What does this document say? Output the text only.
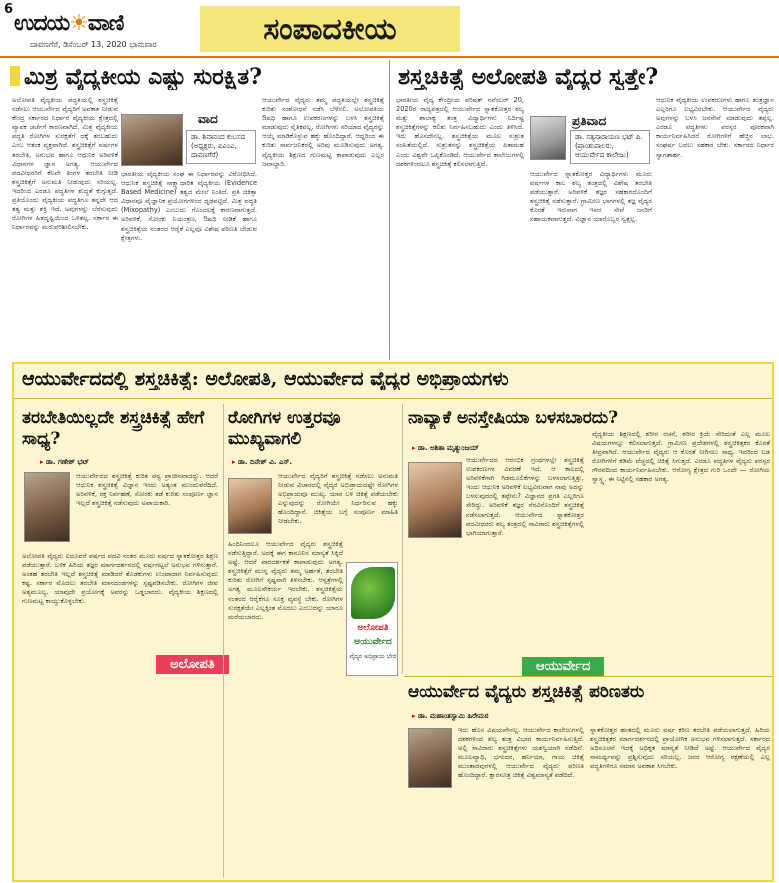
6
ಉದಯ☀ವಾಣಿ
ದಾವಣಗೆರೆ, ಡಿಸೆಂಬರ್ 13, 2020 ಭಾನುವಾರ	ಸಂಪಾದಕೀಯ
ಮಿಶ್ರ ವೈದ್ಯಕೀಯ ಎಷ್ಟು ಸುರಕ್ಷಿತ?
ಅಲೋಪತಿ ವೈದ್ಯಕೀಯ ಪದ್ಧತಿಯಲ್ಲಿ ಶಸ್ತ್ರಚಿಕಿತ್ಸೆ ನಡೆಸಲು ಆಯುರ್ವೇದ ವೈದ್ಯರಿಗೆ ಅವಕಾಶ ನೀಡುವ ಕೇಂದ್ರ ಸರ್ಕಾರದ ನಿರ್ಧಾರ ವೈದ್ಯಕೀಯ ಕ್ಷೇತ್ರದಲ್ಲಿ ವ್ಯಾಪಕ ಚರ್ಚೆಗೆ ಕಾರಣವಾಗಿದೆ. ಮಿಶ್ರ ವೈದ್ಯಕೀಯ ಪದ್ಧತಿ ರೋಗಿಗಳ ಸುರಕ್ಷತೆಗೆ ಧಕ್ಕೆ ತರಬಹುದು ಎಂಬ ಆತಂಕ ವ್ಯಕ್ತವಾಗಿದೆ. ಶಸ್ತ್ರಚಿಕಿತ್ಸೆಗೆ ವರ್ಷಗಳ ತರಬೇತಿ, ಅನುಭವ ಹಾಗೂ ಆಧುನಿಕ ಅರಿವಳಿಕೆ ವಿಧಾನಗಳ ಜ್ಞಾನ ಅಗತ್ಯ. ಆಯುರ್ವೇದ ಪದವೀಧರರಿಗೆ ಕೆಲವೇ ತಿಂಗಳ ತರಬೇತಿ ನೀಡಿ ಶಸ್ತ್ರಚಿಕಿತ್ಸೆಗೆ ಅನುಮತಿ ನೀಡುವುದು ಸರಿಯಲ್ಲ. ಇದರಿಂದ ಎರಡೂ ಪದ್ಧತಿಗಳ ಶುದ್ಧತೆ ಕುಗ್ಗುತ್ತದೆ. ಪ್ರತಿಯೊಂದು ವೈದ್ಯಕೀಯ ಪದ್ಧತಿಗೂ ತನ್ನದೇ ಆದ ತತ್ವ ಮತ್ತು ಶಕ್ತಿ ಇದೆ. ಅವುಗಳನ್ನು ಬೆರೆಸುವುದು ರೋಗಿಗಳ ಹಿತದೃಷ್ಟಿಯಿಂದ ಒಳಿತಲ್ಲ. ಸರ್ಕಾರ ಈ ನಿರ್ಧಾರವನ್ನು ಮರುಪರಿಶೀಲಿಸಬೇಕು.
ವಾದ
ಡಾ. ಶಿವಾನಂದ ಕುಬಸದ (ಅಧ್ಯಕ್ಷರು, ಐಎಂಎ, ದಾವಣಗೆರೆ)
ಭಾರತೀಯ ವೈದ್ಯಕೀಯ ಸಂಘ ಈ ನಿರ್ಧಾರವನ್ನು ವಿರೋಧಿಸಿದೆ. ಆಧುನಿಕ ಶಸ್ತ್ರಚಿಕಿತ್ಸೆ ಸಾಕ್ಷ್ಯಾಧಾರಿತ ವೈದ್ಯಕೀಯ (Evidence Based Medicine) ತತ್ವದ ಮೇಲೆ ನಿಂತಿದೆ. ಪ್ರತಿ ಚಿಕಿತ್ಸಾ ವಿಧಾನವೂ ವೈಜ್ಞಾನಿಕ ಪ್ರಯೋಗಗಳಿಂದ ದೃಢಪಟ್ಟಿದೆ. ಮಿಶ್ರ ಪದ್ಧತಿ (Mixopathy) ಎಂಬುದು ಗೊಂದಲಕ್ಕೆ ಕಾರಣವಾಗುತ್ತದೆ. ಅರಿವಳಿಕೆ, ಸೋಂಕು ನಿಯಂತ್ರಣ, ಔಷಧಿ ನೀಡಿಕೆ ಹಾಗೂ ಶಸ್ತ್ರಚಿಕಿತ್ಸೆಯ ನಂತರದ ಆರೈಕೆ ಎಲ್ಲವೂ ವಿಶೇಷ ಪರಿಣತಿ ಬೇಡುವ ಕ್ಷೇತ್ರಗಳು.
ಆಯುರ್ವೇದ ವೈದ್ಯರು ತಮ್ಮ ಪದ್ಧತಿಯಲ್ಲೇ ಶಸ್ತ್ರಚಿಕಿತ್ಸೆ ಕುರಿತು ಸಂಶೋಧನೆ ನಡೆಸಿ ಬೆಳೆಸಲಿ. ಅಲೋಪತಿಯ ಔಷಧಿ ಹಾಗೂ ಉಪಕರಣಗಳನ್ನು ಬಳಸಿ ಶಸ್ತ್ರಚಿಕಿತ್ಸೆ ಮಾಡುವುದು ನೈತಿಕವಲ್ಲ. ರೋಗಿಗಳು ಸರಿಯಾದ ವೈದ್ಯರನ್ನು ಆಯ್ಕೆ ಮಾಡಿಕೊಳ್ಳುವ ಹಕ್ಕು ಹೊಂದಿದ್ದಾರೆ. ಆದ್ದರಿಂದ ಈ ಕುರಿತು ಸಾರ್ವಜನಿಕರಲ್ಲಿ ಅರಿವು ಮೂಡಿಸುವುದು ಅಗತ್ಯ. ವೈದ್ಯಕೀಯ ಶಿಕ್ಷಣದ ಗುಣಮಟ್ಟ ಕಾಪಾಡುವುದು ಎಲ್ಲರ ಜವಾಬ್ದಾರಿ.
ಶಸ್ತ್ರಚಿಕಿತ್ಸೆ ಅಲೋಪತಿ ವೈದ್ಯರ ಸ್ವತ್ತೇ?
ಭಾರತೀಯ ವೈದ್ಯ ಕೇಂದ್ರೀಯ ಪರಿಷತ್ ನವೆಂಬರ್ 20, 2020ರ ರಾಜ್ಯಪತ್ರದಲ್ಲಿ ಆಯುರ್ವೇದ ಸ್ನಾತಕೋತ್ತರ ಶಲ್ಯ ಮತ್ತು ಶಾಲಾಕ್ಯ ತಂತ್ರ ವಿದ್ಯಾರ್ಥಿಗಳು ನಿರ್ದಿಷ್ಟ ಶಸ್ತ್ರಚಿಕಿತ್ಸೆಗಳನ್ನು ಕಲಿತು ನಿರ್ವಹಿಸಬಹುದು ಎಂದು ತಿಳಿಸಿದೆ. ಇದು ಹೊಸದೇನಲ್ಲ. ಶಸ್ತ್ರಚಿಕಿತ್ಸೆಯ ಮೂಲ ಸುಶ್ರುತ ಸಂಹಿತೆಯಲ್ಲಿದೆ. ಸುಶ್ರುತನನ್ನು ಶಸ್ತ್ರಚಿಕಿತ್ಸೆಯ ಪಿತಾಮಹ ಎಂದು ವಿಶ್ವವೇ ಒಪ್ಪಿಕೊಂಡಿದೆ. ಆಯುರ್ವೇದ ಕಾಲೇಜುಗಳಲ್ಲಿ ದಶಕಗಳಿಂದಲೂ ಶಸ್ತ್ರಚಿಕಿತ್ಸೆ ಕಲಿಸಲಾಗುತ್ತಿದೆ.
ಪ್ರತಿವಾದ
ಡಾ. ಸತ್ಯನಾರಾಯಣ ಭಟ್ ಪಿ. (ಪ್ರಾಂಶುಪಾಲರು, ಆಯುರ್ವೇದ ಕಾಲೇಜು)
ಆಯುರ್ವೇದ ಸ್ನಾತಕೋತ್ತರ ವಿದ್ಯಾರ್ಥಿಗಳು ಮೂರು ವರ್ಷಗಳ ಕಾಲ ಶಲ್ಯ ತಂತ್ರದಲ್ಲಿ ವಿಶೇಷ ತರಬೇತಿ ಪಡೆಯುತ್ತಾರೆ. ಅರಿವಳಿಕೆ ತಜ್ಞರ ಸಹಕಾರದೊಂದಿಗೆ ಶಸ್ತ್ರಚಿಕಿತ್ಸೆ ನಡೆಸುತ್ತಾರೆ. ಗ್ರಾಮೀಣ ಭಾಗಗಳಲ್ಲಿ ತಜ್ಞ ವೈದ್ಯರ ಕೊರತೆ ಇರುವಾಗ ಇವರ ಸೇವೆ ಜನರಿಗೆ ಸಹಾಯಕವಾಗುತ್ತದೆ. ವಿಜ್ಞಾನ ಯಾರೊಬ್ಬರ ಸ್ವತ್ತಲ್ಲ.
ಆಧುನಿಕ ವೈದ್ಯಕೀಯ ಉಪಕರಣಗಳು ಹಾಗೂ ತಂತ್ರಜ್ಞಾನ ಎಲ್ಲರಿಗೂ ಲಭ್ಯವಿರಬೇಕು. ಆಯುರ್ವೇದ ವೈದ್ಯರು ಅವುಗಳನ್ನು ಬಳಸಿ ಜನಸೇವೆ ಮಾಡುವುದು ತಪ್ಪಲ್ಲ. ಎರಡೂ ಪದ್ಧತಿಗಳು ಪರಸ್ಪರ ಪೂರಕವಾಗಿ ಕಾರ್ಯನಿರ್ವಹಿಸಿದರೆ ರೋಗಿಗಳಿಗೆ ಹೆಚ್ಚಿನ ಲಾಭ. ಸಂಘರ್ಷ ಬದಲು ಸಹಕಾರ ಬೇಕು. ಸರ್ಕಾರದ ನಿರ್ಧಾರ ಸ್ವಾಗತಾರ್ಹ.
ಆಯುರ್ವೇದದಲ್ಲಿ ಶಸ್ತ್ರಚಿಕಿತ್ಸೆ: ಅಲೋಪತಿ, ಆಯುರ್ವೇದ ವೈದ್ಯರ ಅಭಿಪ್ರಾಯಗಳು
ತರಬೇತಿಯಿಲ್ಲದೇ ಶಸ್ತ್ರಚಿಕಿತ್ಸೆ ಹೇಗೆ ಸಾಧ್ಯ?
▸ ಡಾ. ಗಣೇಶ್ ಭಟ್
ಆಯುರ್ವೇದದ ಶಸ್ತ್ರಚಿಕಿತ್ಸೆ ಕುರಿತ ಪಠ್ಯ ಪ್ರಾಚೀನವಾದದ್ದು. ಆದರೆ ಆಧುನಿಕ ಶಸ್ತ್ರಚಿಕಿತ್ಸೆ ವಿಜ್ಞಾನ ಇಂದು ಅತ್ಯಂತ ಮುಂದುವರೆದಿದೆ. ಅರಿವಳಿಕೆ, ರಕ್ತ ನಿರ್ವಹಣೆ, ಸೋಂಕು ತಡೆ ಕುರಿತು ಸಂಪೂರ್ಣ ಜ್ಞಾನ ಇಲ್ಲದೆ ಶಸ್ತ್ರಚಿಕಿತ್ಸೆ ನಡೆಸುವುದು ಅಪಾಯಕಾರಿ.
ಅಲೋಪತಿ ವೈದ್ಯರು ಐದೂವರೆ ವರ್ಷದ ಪದವಿ ನಂತರ ಮೂರು ವರ್ಷದ ಸ್ನಾತಕೋತ್ತರ ಶಿಕ್ಷಣ ಪಡೆಯುತ್ತಾರೆ. ಬಳಿಕ ಹಿರಿಯ ತಜ್ಞರ ಮಾರ್ಗದರ್ಶನದಲ್ಲಿ ವರ್ಷಗಟ್ಟಲೆ ಅನುಭವ ಗಳಿಸುತ್ತಾರೆ. ಅಂತಹ ತರಬೇತಿ ಇಲ್ಲದೆ ಶಸ್ತ್ರಚಿಕಿತ್ಸೆ ಮಾಡಿದರೆ ತೊಡಕುಗಳು ಉಂಟಾದಾಗ ನಿರ್ವಹಿಸುವುದು ಕಷ್ಟ. ಸರ್ಕಾರ ಮೊದಲು ತರಬೇತಿ ಮಾನದಂಡಗಳನ್ನು ಸ್ಪಷ್ಟಪಡಿಸಬೇಕು. ರೋಗಿಗಳ ಜೀವ ಅತ್ಯಮೂಲ್ಯ. ಯಾವುದೇ ಪ್ರಯೋಗಕ್ಕೆ ಅವರನ್ನು ಒಡ್ಡಬಾರದು. ವೈದ್ಯಕೀಯ ಶಿಕ್ಷಣದಲ್ಲಿ ಗುಣಮಟ್ಟ ಕಾಯ್ದುಕೊಳ್ಳಬೇಕು.
ಅಲೋಪತಿ
ರೋಗಿಗಳ ಉತ್ತರವೂ ಮುಖ್ಯವಾಗಲಿ
▸ ಡಾ. ದಿನೇಶ್ ವಿ. ಎಸ್.
ಆಯುರ್ವೇದ ವೈದ್ಯರಿಗೆ ಶಸ್ತ್ರಚಿಕಿತ್ಸೆ ನಡೆಸಲು ಅನುಮತಿ ನೀಡುವ ವಿಚಾರದಲ್ಲಿ ವೈದ್ಯರ ಅಭಿಪ್ರಾಯದಷ್ಟೇ ರೋಗಿಗಳ ಅಭಿಪ್ರಾಯವೂ ಮುಖ್ಯ. ಯಾರ ಬಳಿ ಚಿಕಿತ್ಸೆ ಪಡೆಯಬೇಕು ಎನ್ನುವುದನ್ನು ರೋಗಿಯೇ ನಿರ್ಧರಿಸುವ ಹಕ್ಕು ಹೊಂದಿದ್ದಾನೆ. ಚಿಕಿತ್ಸೆಯ ಬಗ್ಗೆ ಸಂಪೂರ್ಣ ಮಾಹಿತಿ ನೀಡಬೇಕು.
ಹಿಂದಿನಿಂದಲೂ ಆಯುರ್ವೇದ ವೈದ್ಯರು ಶಸ್ತ್ರಚಿಕಿತ್ಸೆ ನಡೆಸುತ್ತಿದ್ದಾರೆ. ಅದಕ್ಕೆ ಈಗ ಕಾನೂನಿನ ಮಾನ್ಯತೆ ಸಿಕ್ಕಿದೆ ಅಷ್ಟೆ. ಆದರೆ ಪಾರದರ್ಶಕತೆ ಕಾಪಾಡುವುದು ಅಗತ್ಯ. ಶಸ್ತ್ರಚಿಕಿತ್ಸೆಗೆ ಮುನ್ನ ವೈದ್ಯರು ತಮ್ಮ ಅರ್ಹತೆ, ತರಬೇತಿ ಕುರಿತು ರೋಗಿಗೆ ಸ್ಪಷ್ಟವಾಗಿ ತಿಳಿಸಬೇಕು. ಆಸ್ಪತ್ರೆಗಳಲ್ಲಿ ಅಗತ್ಯ ಮೂಲಸೌಕರ್ಯ ಇರಬೇಕು. ಶಸ್ತ್ರಚಿಕಿತ್ಸೆಯ ನಂತರದ ಆರೈಕೆಗೂ ಸೂಕ್ತ ವ್ಯವಸ್ಥೆ ಬೇಕು. ರೋಗಿಗಳ ಸುರಕ್ಷತೆಯೇ ಎಲ್ಲಕ್ಕಿಂತ ಮೊದಲು ಎಂಬುದನ್ನು ಯಾರೂ ಮರೆಯಬಾರದು.
ಅಲೋಪತಿ
ಆಯುರ್ವೇದ
ವೈದ್ಯರ ಅಭಿಪ್ರಾಯ ಭೇದ
ನಾವ್ಯಾಕೆ ಅನಸ್ತೇಷಿಯಾ ಬಳಸಬಾರದು?
▸ ಡಾ. ಅಶಿತಾ ಮೃತ್ಯುಂಜಯ್
ಆಯುರ್ವೇದದ ಆರಂಭಿಕ ಗ್ರಂಥಗಳಲ್ಲೇ ಶಸ್ತ್ರಚಿಕಿತ್ಸೆ ಉಪಕರಣಗಳ ವಿವರಣೆ ಇದೆ. ಆ ಕಾಲದಲ್ಲಿ ಅರಿವಳಿಕೆಗಾಗಿ ಗಿಡಮೂಲಿಕೆಗಳನ್ನು ಬಳಸಲಾಗುತ್ತಿತ್ತು. ಇಂದು ಆಧುನಿಕ ಅರಿವಳಿಕೆ ಲಭ್ಯವಿರುವಾಗ ನಾವು ಅದನ್ನು ಬಳಸುವುದರಲ್ಲಿ ತಪ್ಪೇನು? ವಿಜ್ಞಾನದ ಪ್ರಗತಿ ಎಲ್ಲರಿಗೂ ಸೇರಿದ್ದು. ಅರಿವಳಿಕೆ ತಜ್ಞರ ನೆರವಿನೊಂದಿಗೆ ಶಸ್ತ್ರಚಿಕಿತ್ಸೆ ನಡೆಸಲಾಗುತ್ತದೆ. ಆಯುರ್ವೇದ ಸ್ನಾತಕೋತ್ತರ ಪದವೀಧರರು ಶಲ್ಯ ತಂತ್ರದಲ್ಲಿ ಸಾವಿರಾರು ಶಸ್ತ್ರಚಿಕಿತ್ಸೆಗಳಲ್ಲಿ ಭಾಗಿಯಾಗುತ್ತಾರೆ.
ವೈದ್ಯಕೀಯ ಶಿಕ್ಷಣದಲ್ಲಿ ಶರೀರ ರಚನೆ, ಶರೀರ ಕ್ರಿಯೆ ಸೇರಿದಂತೆ ಎಲ್ಲ ಮೂಲ ವಿಷಯಗಳನ್ನೂ ಕಲಿಸಲಾಗುತ್ತದೆ. ಗ್ರಾಮೀಣ ಪ್ರದೇಶಗಳಲ್ಲಿ ಶಸ್ತ್ರಚಿಕಿತ್ಸಕರ ಕೊರತೆ ತೀವ್ರವಾಗಿದೆ. ಆಯುರ್ವೇದ ವೈದ್ಯರು ಆ ಕೊರತೆ ನೀಗಿಸಲು ಸಾಧ್ಯ. ಇದರಿಂದ ಬಡ ರೋಗಿಗಳಿಗೆ ಕಡಿಮೆ ವೆಚ್ಚದಲ್ಲಿ ಚಿಕಿತ್ಸೆ ಸಿಗುತ್ತದೆ. ಎರಡೂ ಪದ್ಧತಿಗಳ ವೈದ್ಯರು ಪರಸ್ಪರ ಗೌರವದಿಂದ ಕಾರ್ಯನಿರ್ವಹಿಸಬೇಕು. ಆರೋಗ್ಯ ಕ್ಷೇತ್ರದ ಗುರಿ ಒಂದೇ — ರೋಗಿಯ ಸ್ವಾಸ್ಥ್ಯ. ಈ ನಿಟ್ಟಿನಲ್ಲಿ ಸಹಕಾರ ಅಗತ್ಯ.
ಆಯುರ್ವೇದ
ಆಯುರ್ವೇದ ವೈದ್ಯರು ಶಸ್ತ್ರಚಿಕಿತ್ಸೆ ಪರಿಣತರು
▸ ಡಾ. ಮಹಾಂತಸ್ವಾಮಿ ಹಿರೇಮಠ
ಇದು ಹೊಸ ವಿಷಯವೇನಲ್ಲ. ಆಯುರ್ವೇದ ಕಾಲೇಜುಗಳಲ್ಲಿ ದಶಕಗಳಿಂದ ಶಲ್ಯ ತಂತ್ರ ವಿಭಾಗ ಕಾರ್ಯನಿರ್ವಹಿಸುತ್ತಿದೆ. ಅಲ್ಲಿ ಸಾವಿರಾರು ಶಸ್ತ್ರಚಿಕಿತ್ಸೆಗಳು ಯಶಸ್ವಿಯಾಗಿ ನಡೆದಿವೆ. ಮೂಲವ್ಯಾಧಿ, ಭಗಂದರ, ಹರ್ನಿಯಾ, ಗಾಯ ಚಿಕಿತ್ಸೆ ಮುಂತಾದವುಗಳಲ್ಲಿ ಆಯುರ್ವೇದ ವೈದ್ಯರು ಪರಿಣತಿ ಹೊಂದಿದ್ದಾರೆ. ಕ್ಷಾರಸೂತ್ರ ಚಿಕಿತ್ಸೆ ವಿಶ್ವಮಾನ್ಯತೆ ಪಡೆದಿದೆ.
ಸ್ನಾತಕೋತ್ತರ ಹಂತದಲ್ಲಿ ಮೂರು ವರ್ಷ ಕಠಿಣ ತರಬೇತಿ ಪಡೆಯಲಾಗುತ್ತದೆ. ಹಿರಿಯ ಶಸ್ತ್ರಚಿಕಿತ್ಸಕರ ಮಾರ್ಗದರ್ಶನದಲ್ಲಿ ಪ್ರಾಯೋಗಿಕ ಅನುಭವ ಗಳಿಸಲಾಗುತ್ತದೆ. ಸರ್ಕಾರದ ಅಧಿಸೂಚನೆ ಇದಕ್ಕೆ ಅಧಿಕೃತ ಮಾನ್ಯತೆ ನೀಡಿದೆ ಅಷ್ಟೆ. ಆಯುರ್ವೇದ ವೈದ್ಯರ ಸಾಮರ್ಥ್ಯವನ್ನು ಪ್ರಶ್ನಿಸುವುದು ಸರಿಯಲ್ಲ. ಜನರ ಆರೋಗ್ಯ ರಕ್ಷಣೆಯಲ್ಲಿ ಎಲ್ಲ ಪದ್ಧತಿಗಳಿಗೂ ಸಮಾನ ಅವಕಾಶ ಸಿಗಬೇಕು.
